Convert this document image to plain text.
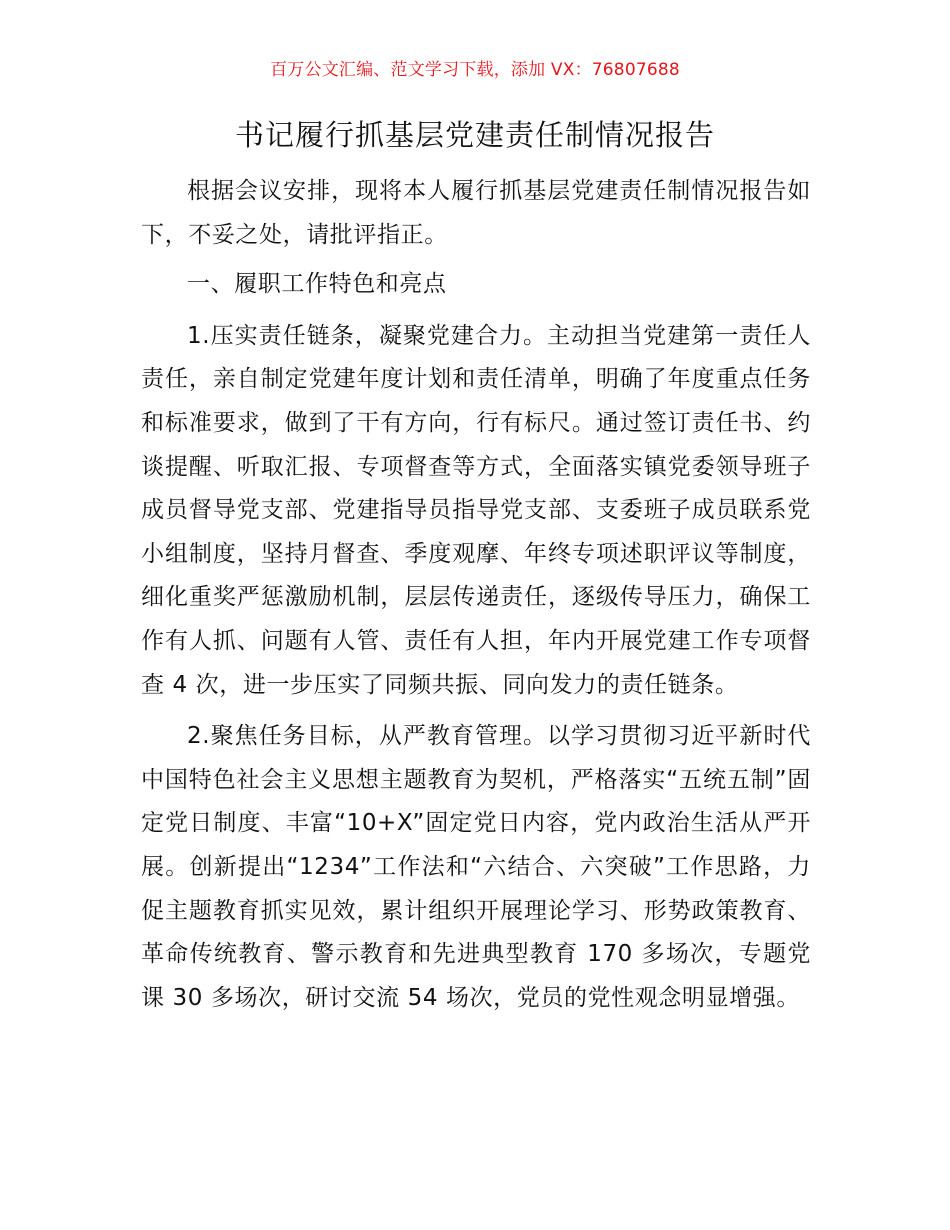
百万公文汇编、范文学习下载，添加 VX：76807688
书记履行抓基层党建责任制情况报告

根据会议安排，现将本人履行抓基层党建责任制情况报告如下，不妥之处，请批评指正。

一、履职工作特色和亮点

1.压实责任链条，凝聚党建合力。主动担当党建第一责任人责任，亲自制定党建年度计划和责任清单，明确了年度重点任务和标准要求，做到了干有方向，行有标尺。通过签订责任书、约谈提醒、听取汇报、专项督查等方式，全面落实镇党委领导班子成员督导党支部、党建指导员指导党支部、支委班子成员联系党小组制度，坚持月督查、季度观摩、年终专项述职评议等制度，细化重奖严惩激励机制，层层传递责任，逐级传导压力，确保工作有人抓、问题有人管、责任有人担，年内开展党建工作专项督查 4 次，进一步压实了同频共振、同向发力的责任链条。

2.聚焦任务目标，从严教育管理。以学习贯彻习近平新时代中国特色社会主义思想主题教育为契机，严格落实“五统五制”固定党日制度、丰富“10+X”固定党日内容，党内政治生活从严开展。创新提出“1234”工作法和“六结合、六突破”工作思路，力促主题教育抓实见效，累计组织开展理论学习、形势政策教育、革命传统教育、警示教育和先进典型教育 170 多场次，专题党课 30 多场次，研讨交流 54 场次，党员的党性观念明显增强。
